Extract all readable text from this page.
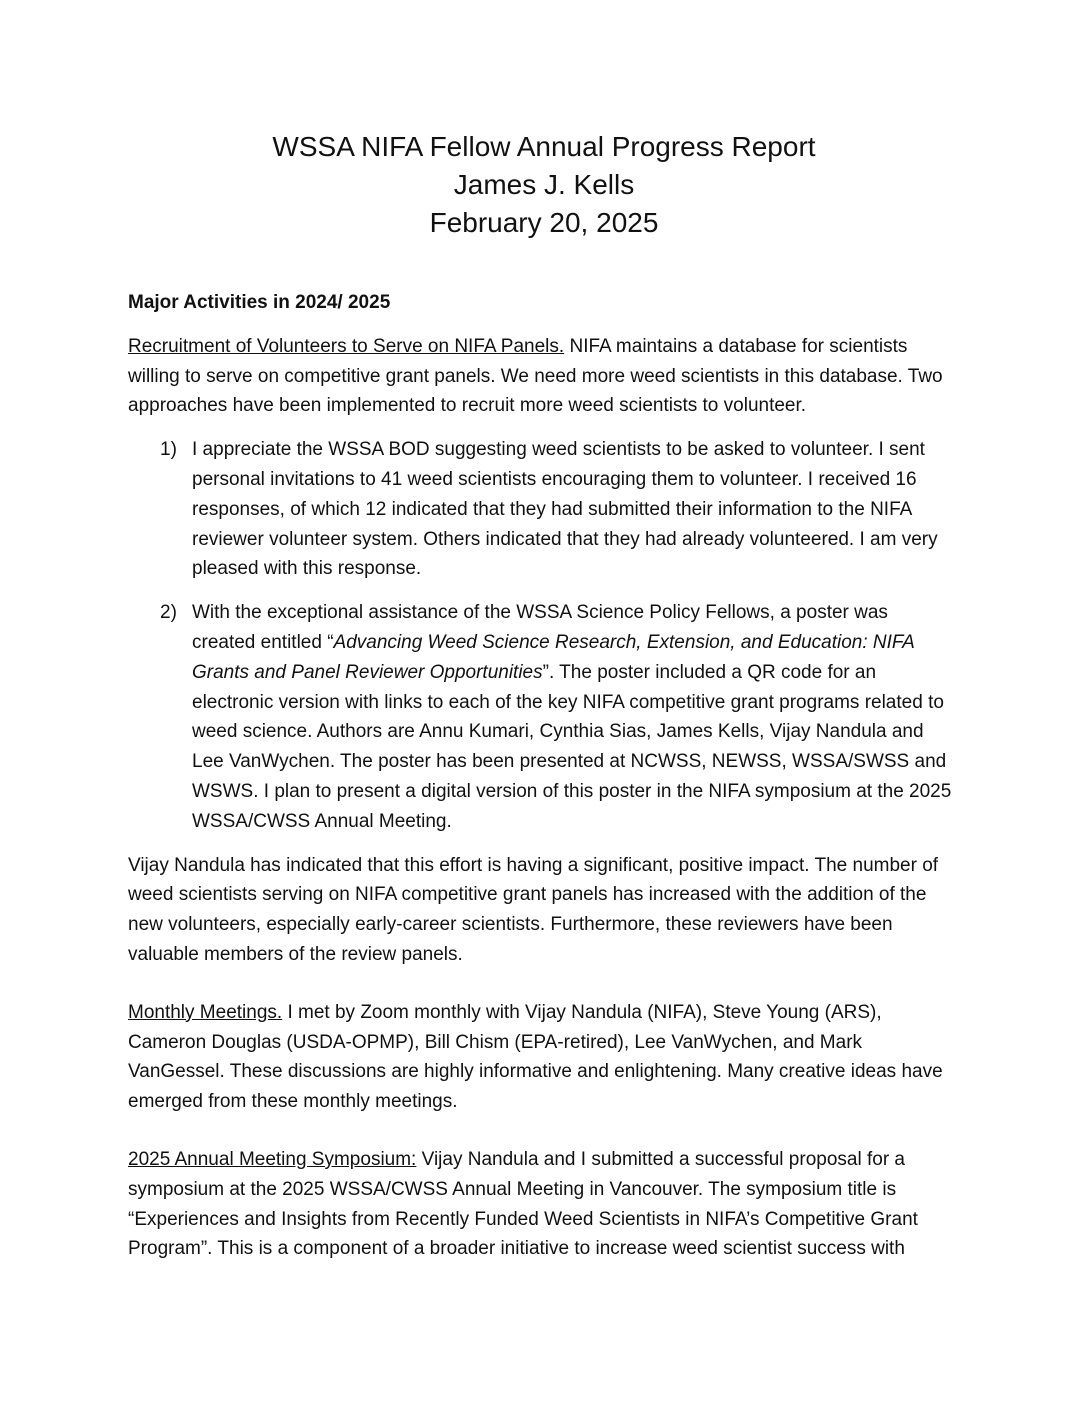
WSSA NIFA Fellow Annual Progress Report
James J. Kells
February 20, 2025
Major Activities in 2024/ 2025

Recruitment of Volunteers to Serve on NIFA Panels. NIFA maintains a database for scientists willing to serve on competitive grant panels. We need more weed scientists in this database. Two approaches have been implemented to recruit more weed scientists to volunteer.

1) I appreciate the WSSA BOD suggesting weed scientists to be asked to volunteer. I sent personal invitations to 41 weed scientists encouraging them to volunteer. I received 16 responses, of which 12 indicated that they had submitted their information to the NIFA reviewer volunteer system. Others indicated that they had already volunteered. I am very pleased with this response.
2) With the exceptional assistance of the WSSA Science Policy Fellows, a poster was created entitled “Advancing Weed Science Research, Extension, and Education: NIFA Grants and Panel Reviewer Opportunities”. The poster included a QR code for an electronic version with links to each of the key NIFA competitive grant programs related to weed science. Authors are Annu Kumari, Cynthia Sias, James Kells, Vijay Nandula and Lee VanWychen. The poster has been presented at NCWSS, NEWSS, WSSA/SWSS and WSWS. I plan to present a digital version of this poster in the NIFA symposium at the 2025 WSSA/CWSS Annual Meeting.

Vijay Nandula has indicated that this effort is having a significant, positive impact. The number of weed scientists serving on NIFA competitive grant panels has increased with the addition of the new volunteers, especially early-career scientists. Furthermore, these reviewers have been valuable members of the review panels.

Monthly Meetings. I met by Zoom monthly with Vijay Nandula (NIFA), Steve Young (ARS), Cameron Douglas (USDA-OPMP), Bill Chism (EPA-retired), Lee VanWychen, and Mark VanGessel. These discussions are highly informative and enlightening. Many creative ideas have emerged from these monthly meetings.

2025 Annual Meeting Symposium: Vijay Nandula and I submitted a successful proposal for a symposium at the 2025 WSSA/CWSS Annual Meeting in Vancouver. The symposium title is “Experiences and Insights from Recently Funded Weed Scientists in NIFA’s Competitive Grant Program”. This is a component of a broader initiative to increase weed scientist success with
